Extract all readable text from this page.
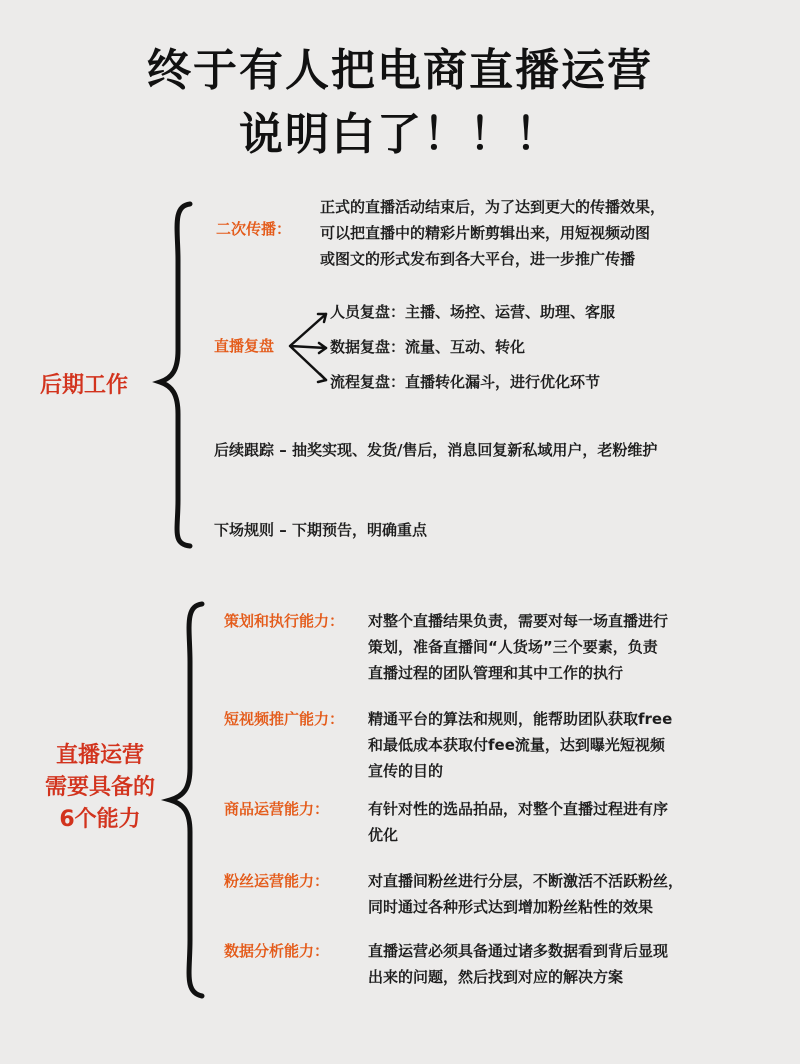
终于有人把电商直播运营
说明白了！！！
后期工作
二次传播：
正式的直播活动结束后，为了达到更大的传播效果，
可以把直播中的精彩片断剪辑出来，用短视频动图
或图文的形式发布到各大平台，进一步推广传播
直播复盘
人员复盘：主播、场控、运营、助理、客服
数据复盘：流量、互动、转化
流程复盘：直播转化漏斗，进行优化环节
后续跟踪 – 抽奖实现、发货/售后，消息回复新私域用户，老粉维护
下场规则 – 下期预告，明确重点
直播运营
需要具备的
6个能力
策划和执行能力： 对整个直播结果负责，需要对每一场直播进行
策划，准备直播间“人货场”三个要素，负责
直播过程的团队管理和其中工作的执行
短视频推广能力： 精通平台的算法和规则，能帮助团队获取free
和最低成本获取付fee流量，达到曝光短视频
宣传的目的
商品运营能力：	有针对性的选品拍品，对整个直播过程进有序
优化
粉丝运营能力：	对直播间粉丝进行分层，不断激活不活跃粉丝，
同时通过各种形式达到增加粉丝粘性的效果
数据分析能力：	直播运营必须具备通过诸多数据看到背后显现
出来的问题，然后找到对应的解决方案
